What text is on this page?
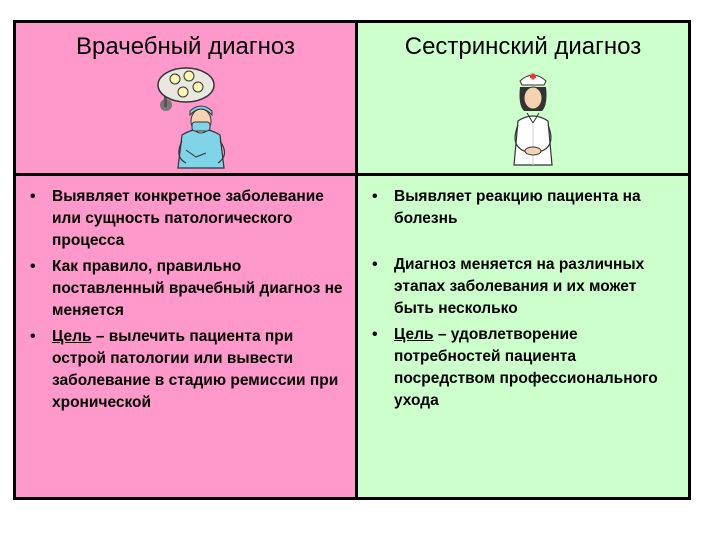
Врачебный диагноз	Сестринский диагноз
• Выявляет конкретное заболевание или сущность патологического процесса
• Как правило, правильно поставленный врачебный диагноз не меняется
• Цель – вылечить пациента при острой патологии или вывести заболевание в стадию ремиссии при хронической
• Выявляет реакцию пациента на болезнь
• Диагноз меняется на различных этапах заболевания и их может быть несколько
• Цель – удовлетворение потребностей пациента посредством профессионального ухода
